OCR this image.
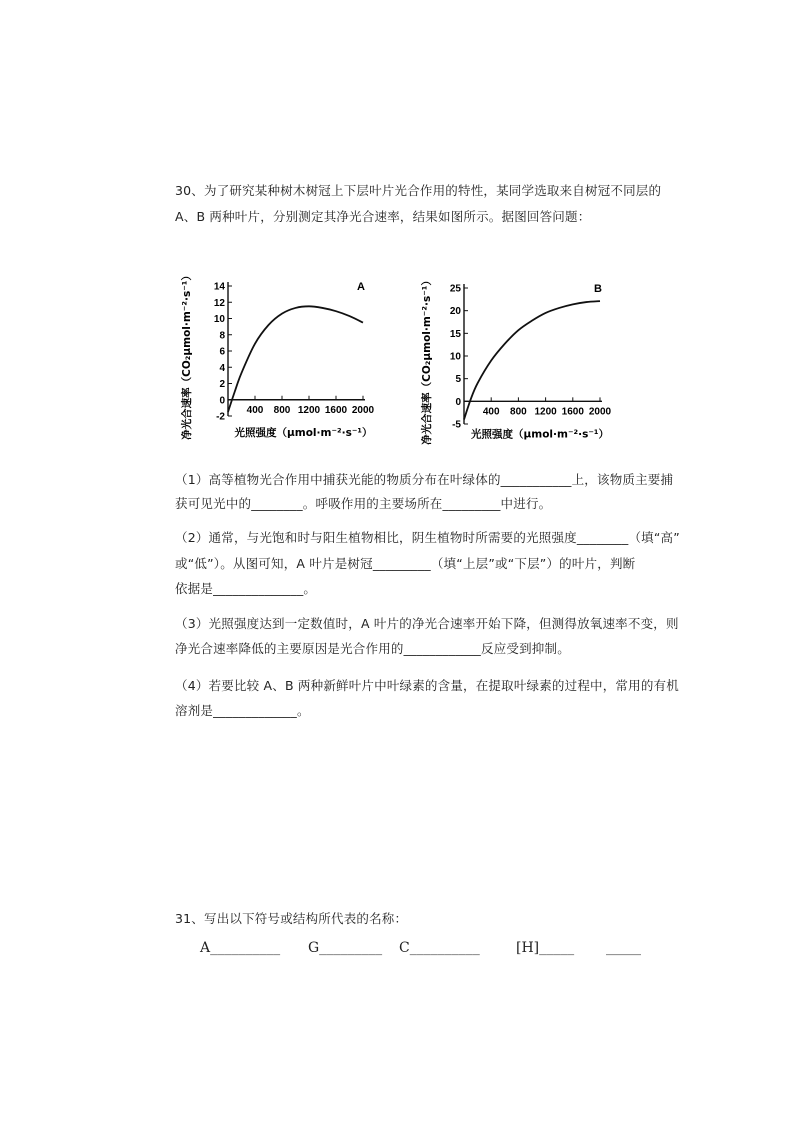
30、为了研究某种树木树冠上下层叶片光合作用的特性，某同学选取来自树冠不同层的
A、B 两种叶片，分别测定其净光合速率，结果如图所示。据图回答问题：
-2
0
2
4
6
8
10
12
14
400 800 1200 1600 2000
A
净光合速率（CO₂μmol·m⁻²·s⁻¹）	光照强度（μmol·m⁻²·s⁻¹）
-5
0
5
10
15
20
25
400 800 1200 1600 2000
B
净光合速率（CO₂μmol·m⁻²·s⁻¹）	光照强度（μmol·m⁻²·s⁻¹）
（1）高等植物光合作用中捕获光能的物质分布在叶绿体的___________上，该物质主要捕
获可见光中的________。呼吸作用的主要场所在_________中进行。
（2）通常，与光饱和时与阳生植物相比，阴生植物时所需要的光照强度________（填“高”
或“低”）。从图可知，A 叶片是树冠_________（填“上层”或“下层”）的叶片，判断
依据是______________。
（3）光照强度达到一定数值时，A 叶片的净光合速率开始下降，但测得放氧速率不变，则
净光合速率降低的主要原因是光合作用的____________反应受到抑制。
（4）若要比较 A、B 两种新鲜叶片中叶绿素的含量，在提取叶绿素的过程中，常用的有机
溶剂是_____________。
31、写出以下符号或结构所代表的名称：
A__________ G_________ C__________	[H]_____ _____
